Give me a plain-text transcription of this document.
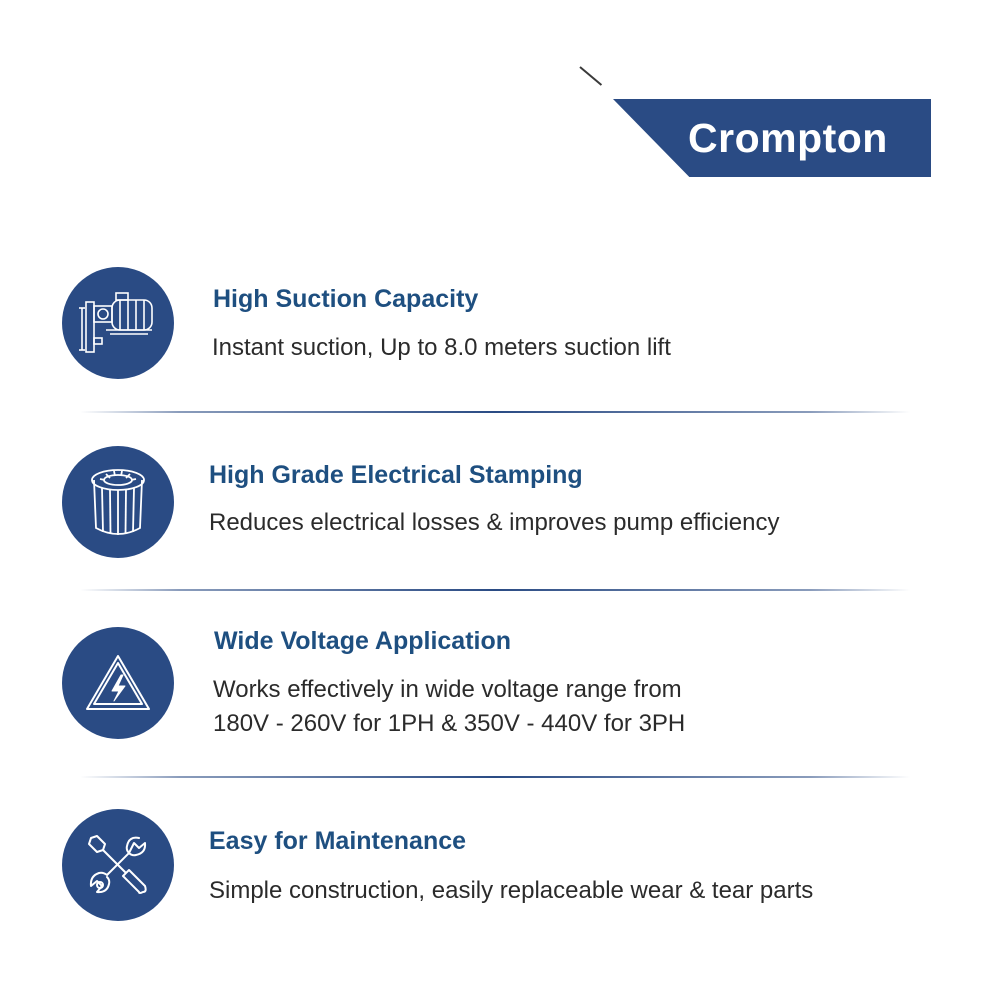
Crompton
High Suction Capacity
Instant suction, Up to 8.0 meters suction lift
High Grade Electrical Stamping
Reduces electrical losses & improves pump efficiency
Wide Voltage Application
Works effectively in wide voltage range from
180V - 260V for 1PH & 350V - 440V for 3PH
Easy for Maintenance
Simple construction, easily replaceable wear & tear parts
